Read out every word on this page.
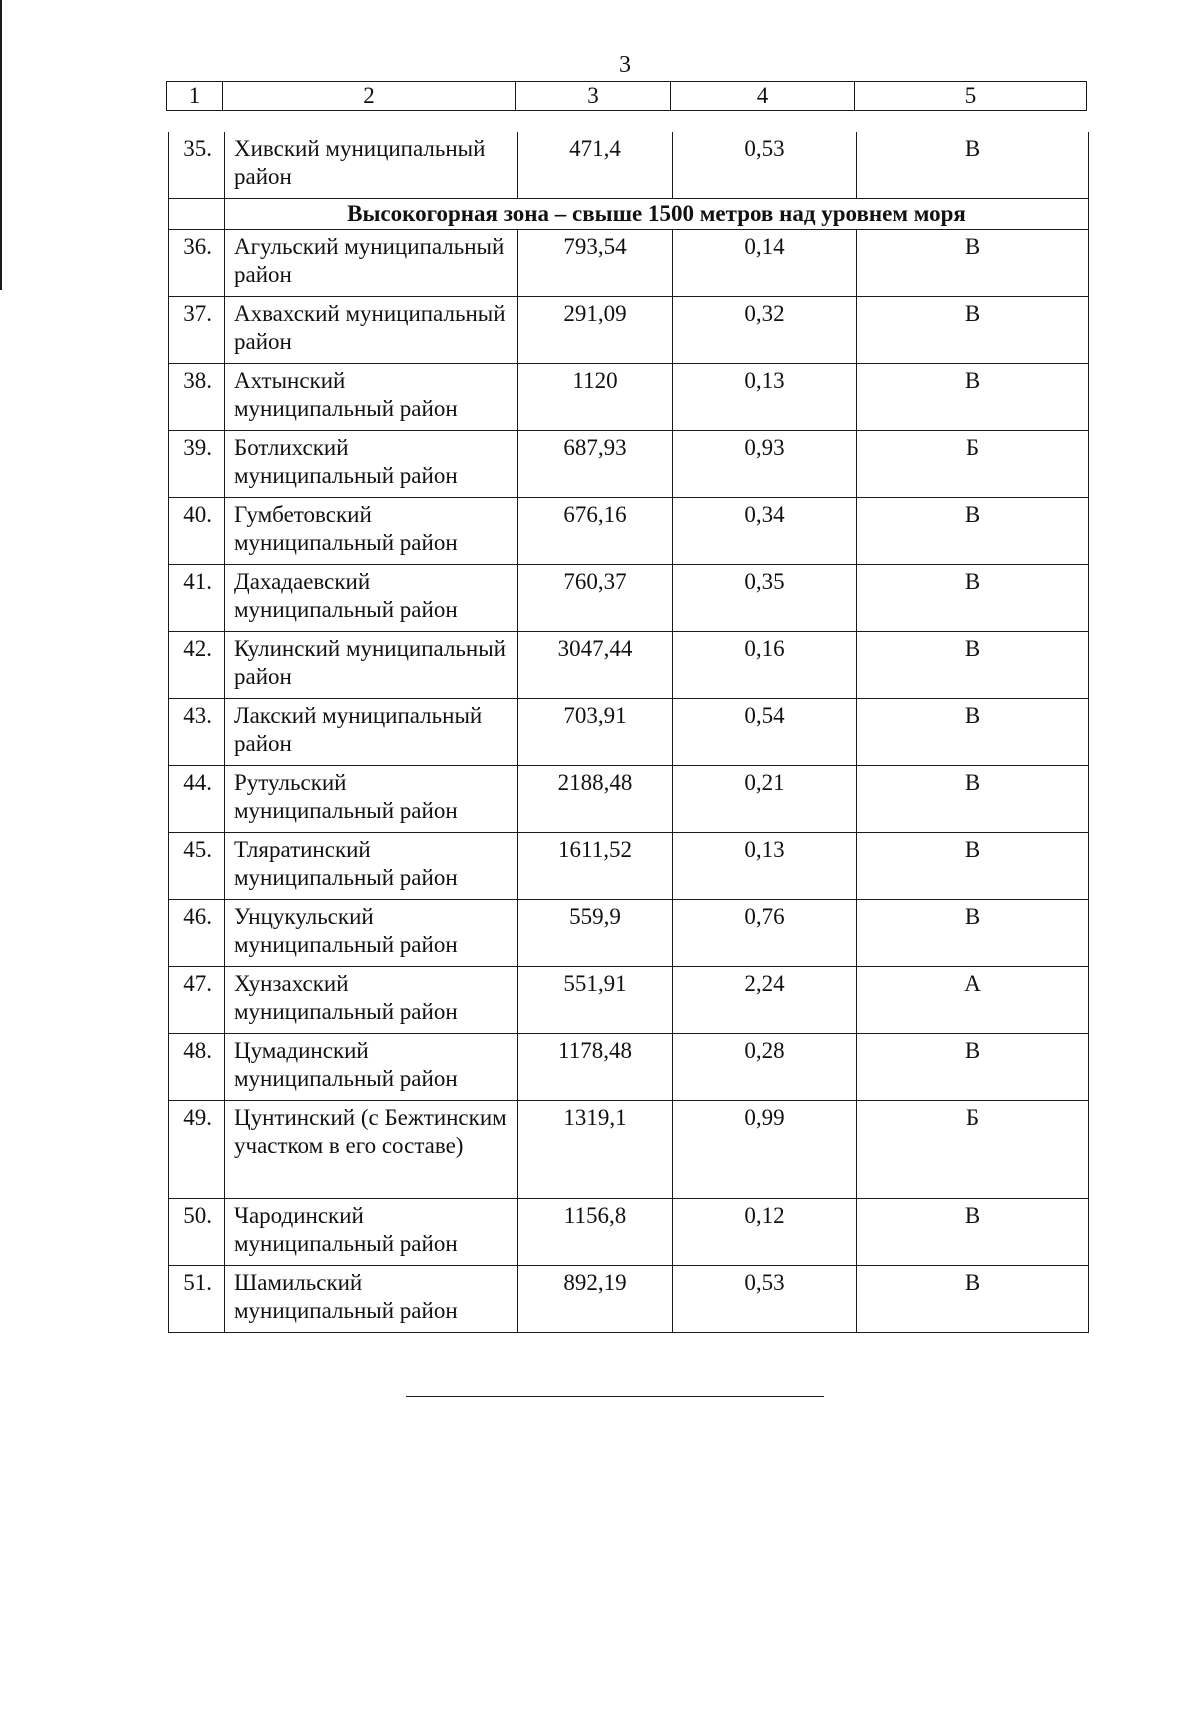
3
1	2	3	4	5
35.	Хивский муниципальный район	471,4	0,53	В
	Высокогорная зона – свыше 1500 метров над уровнем моря			
36.	Агульский муниципальный район	793,54	0,14	В
37.	Ахвахский муниципальный район	291,09	0,32	В
38.	Ахтынский муниципальный район	1120	0,13	В
39.	Ботлихский муниципальный район	687,93	0,93	Б
40.	Гумбетовский муниципальный район	676,16	0,34	В
41.	Дахадаевский муниципальный район	760,37	0,35	В
42.	Кулинский муниципальный район	3047,44	0,16	В
43.	Лакский муниципальный район	703,91	0,54	В
44.	Рутульский муниципальный район	2188,48	0,21	В
45.	Тляратинский муниципальный район	1611,52	0,13	В
46.	Унцукульский муниципальный район	559,9	0,76	В
47.	Хунзахский муниципальный район	551,91	2,24	А
48.	Цумадинский муниципальный район	1178,48	0,28	В
49.	Цунтинский (с Бежтинским участком в его составе)	1319,1	0,99	Б
50.	Чародинский муниципальный район	1156,8	0,12	В
51.	Шамильский муниципальный район	892,19	0,53	В
